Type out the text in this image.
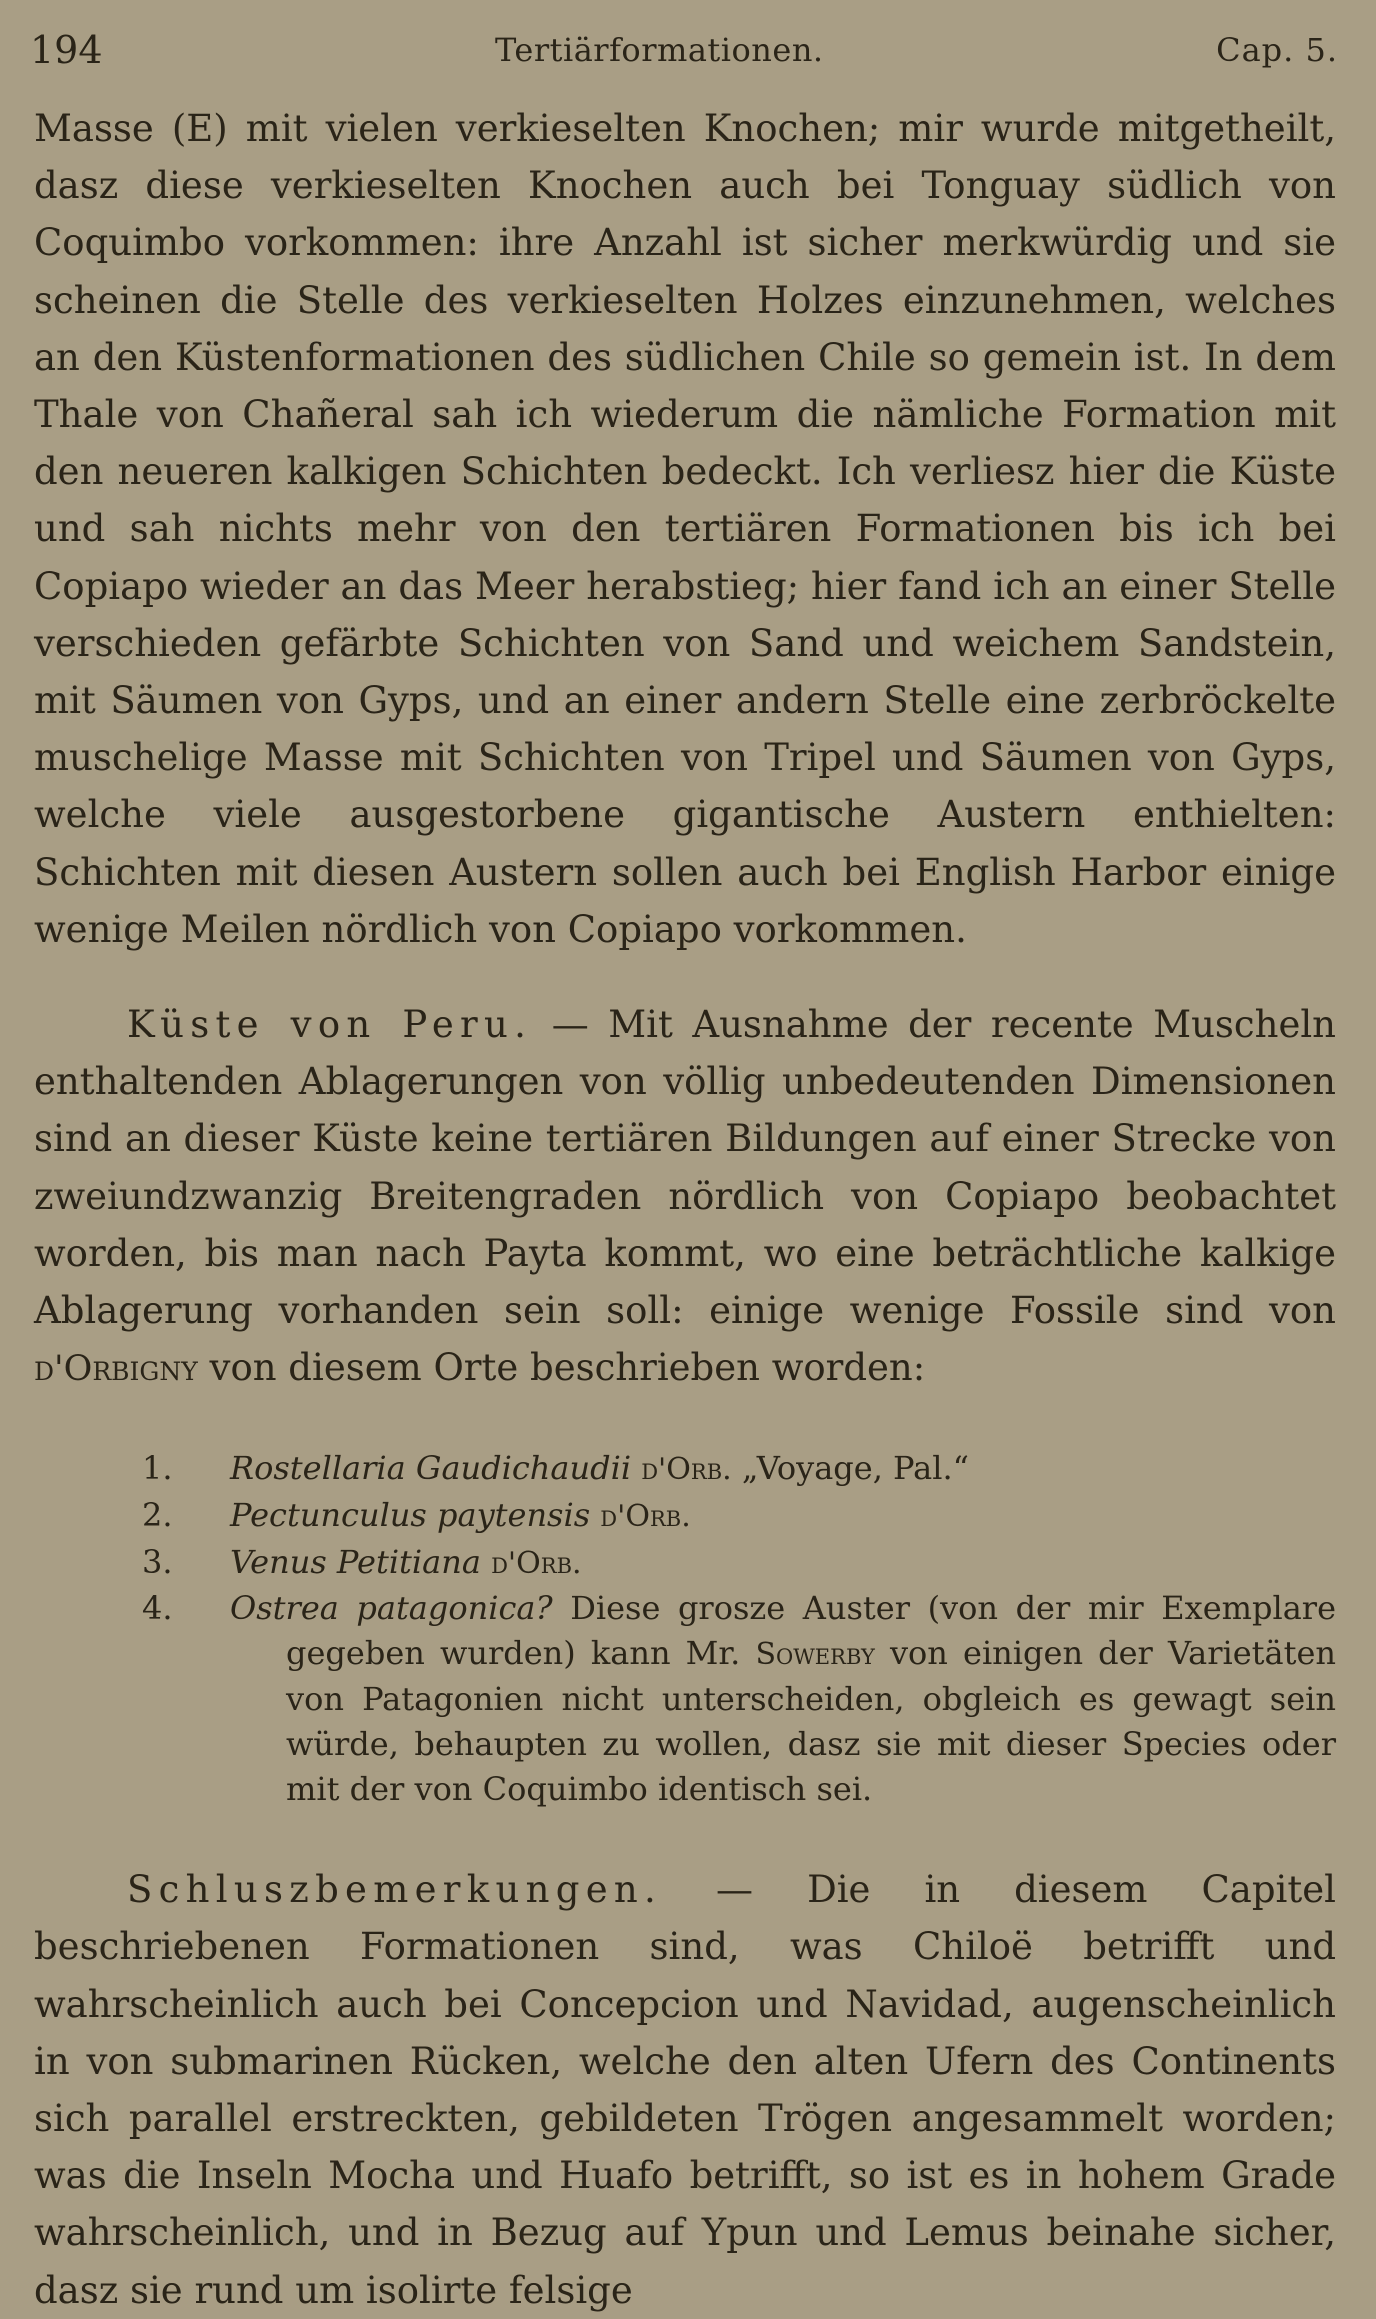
194	Tertiärformationen.	Cap. 5.

Masse (E) mit vielen verkieselten Knochen; mir wurde mitgetheilt, dasz diese verkieselten Knochen auch bei Tonguay südlich von Coquimbo vorkommen: ihre Anzahl ist sicher merkwürdig und sie scheinen die Stelle des verkieselten Holzes einzunehmen, welches an den Küstenformationen des südlichen Chile so gemein ist. In dem Thale von Chañeral sah ich wiederum die nämliche Formation mit den neueren kalkigen Schichten bedeckt. Ich verliesz hier die Küste und sah nichts mehr von den tertiären Formationen bis ich bei Copiapo wieder an das Meer herabstieg; hier fand ich an einer Stelle verschieden gefärbte Schichten von Sand und weichem Sandstein, mit Säumen von Gyps, und an einer andern Stelle eine zerbröckelte muschelige Masse mit Schichten von Tripel und Säumen von Gyps, welche viele ausgestorbene gigantische Austern enthielten: Schichten mit diesen Austern sollen auch bei English Harbor einige wenige Meilen nördlich von Copiapo vorkommen.

Küste von Peru. — Mit Ausnahme der recente Muscheln enthaltenden Ablagerungen von völlig unbedeutenden Dimensionen sind an dieser Küste keine tertiären Bildungen auf einer Strecke von zweiundzwanzig Breitengraden nördlich von Copiapo beobachtet worden, bis man nach Payta kommt, wo eine beträchtliche kalkige Ablagerung vorhanden sein soll: einige wenige Fossile sind von d'Orbigny von diesem Orte beschrieben worden:

1.	Rostellaria Gaudichaudii d'Orb. „Voyage, Pal.“
2.	Pectunculus paytensis d'Orb.
3.	Venus Petitiana d'Orb.
4.	Ostrea patagonica? Diese grosze Auster (von der mir Exemplare gegeben wurden) kann Mr. Sowerby von einigen der Varietäten von Patagonien nicht unterscheiden, obgleich es gewagt sein würde, behaupten zu wollen, dasz sie mit dieser Species oder mit der von Coquimbo identisch sei.

Schluszbemerkungen. — Die in diesem Capitel beschriebenen Formationen sind, was Chiloë betrifft und wahrscheinlich auch bei Concepcion und Navidad, augenscheinlich in von submarinen Rücken, welche den alten Ufern des Continents sich parallel erstreckten, gebildeten Trögen angesammelt worden; was die Inseln Mocha und Huafo betrifft, so ist es in hohem Grade wahrscheinlich, und in Bezug auf Ypun und Lemus beinahe sicher, dasz sie rund um isolirte felsige
